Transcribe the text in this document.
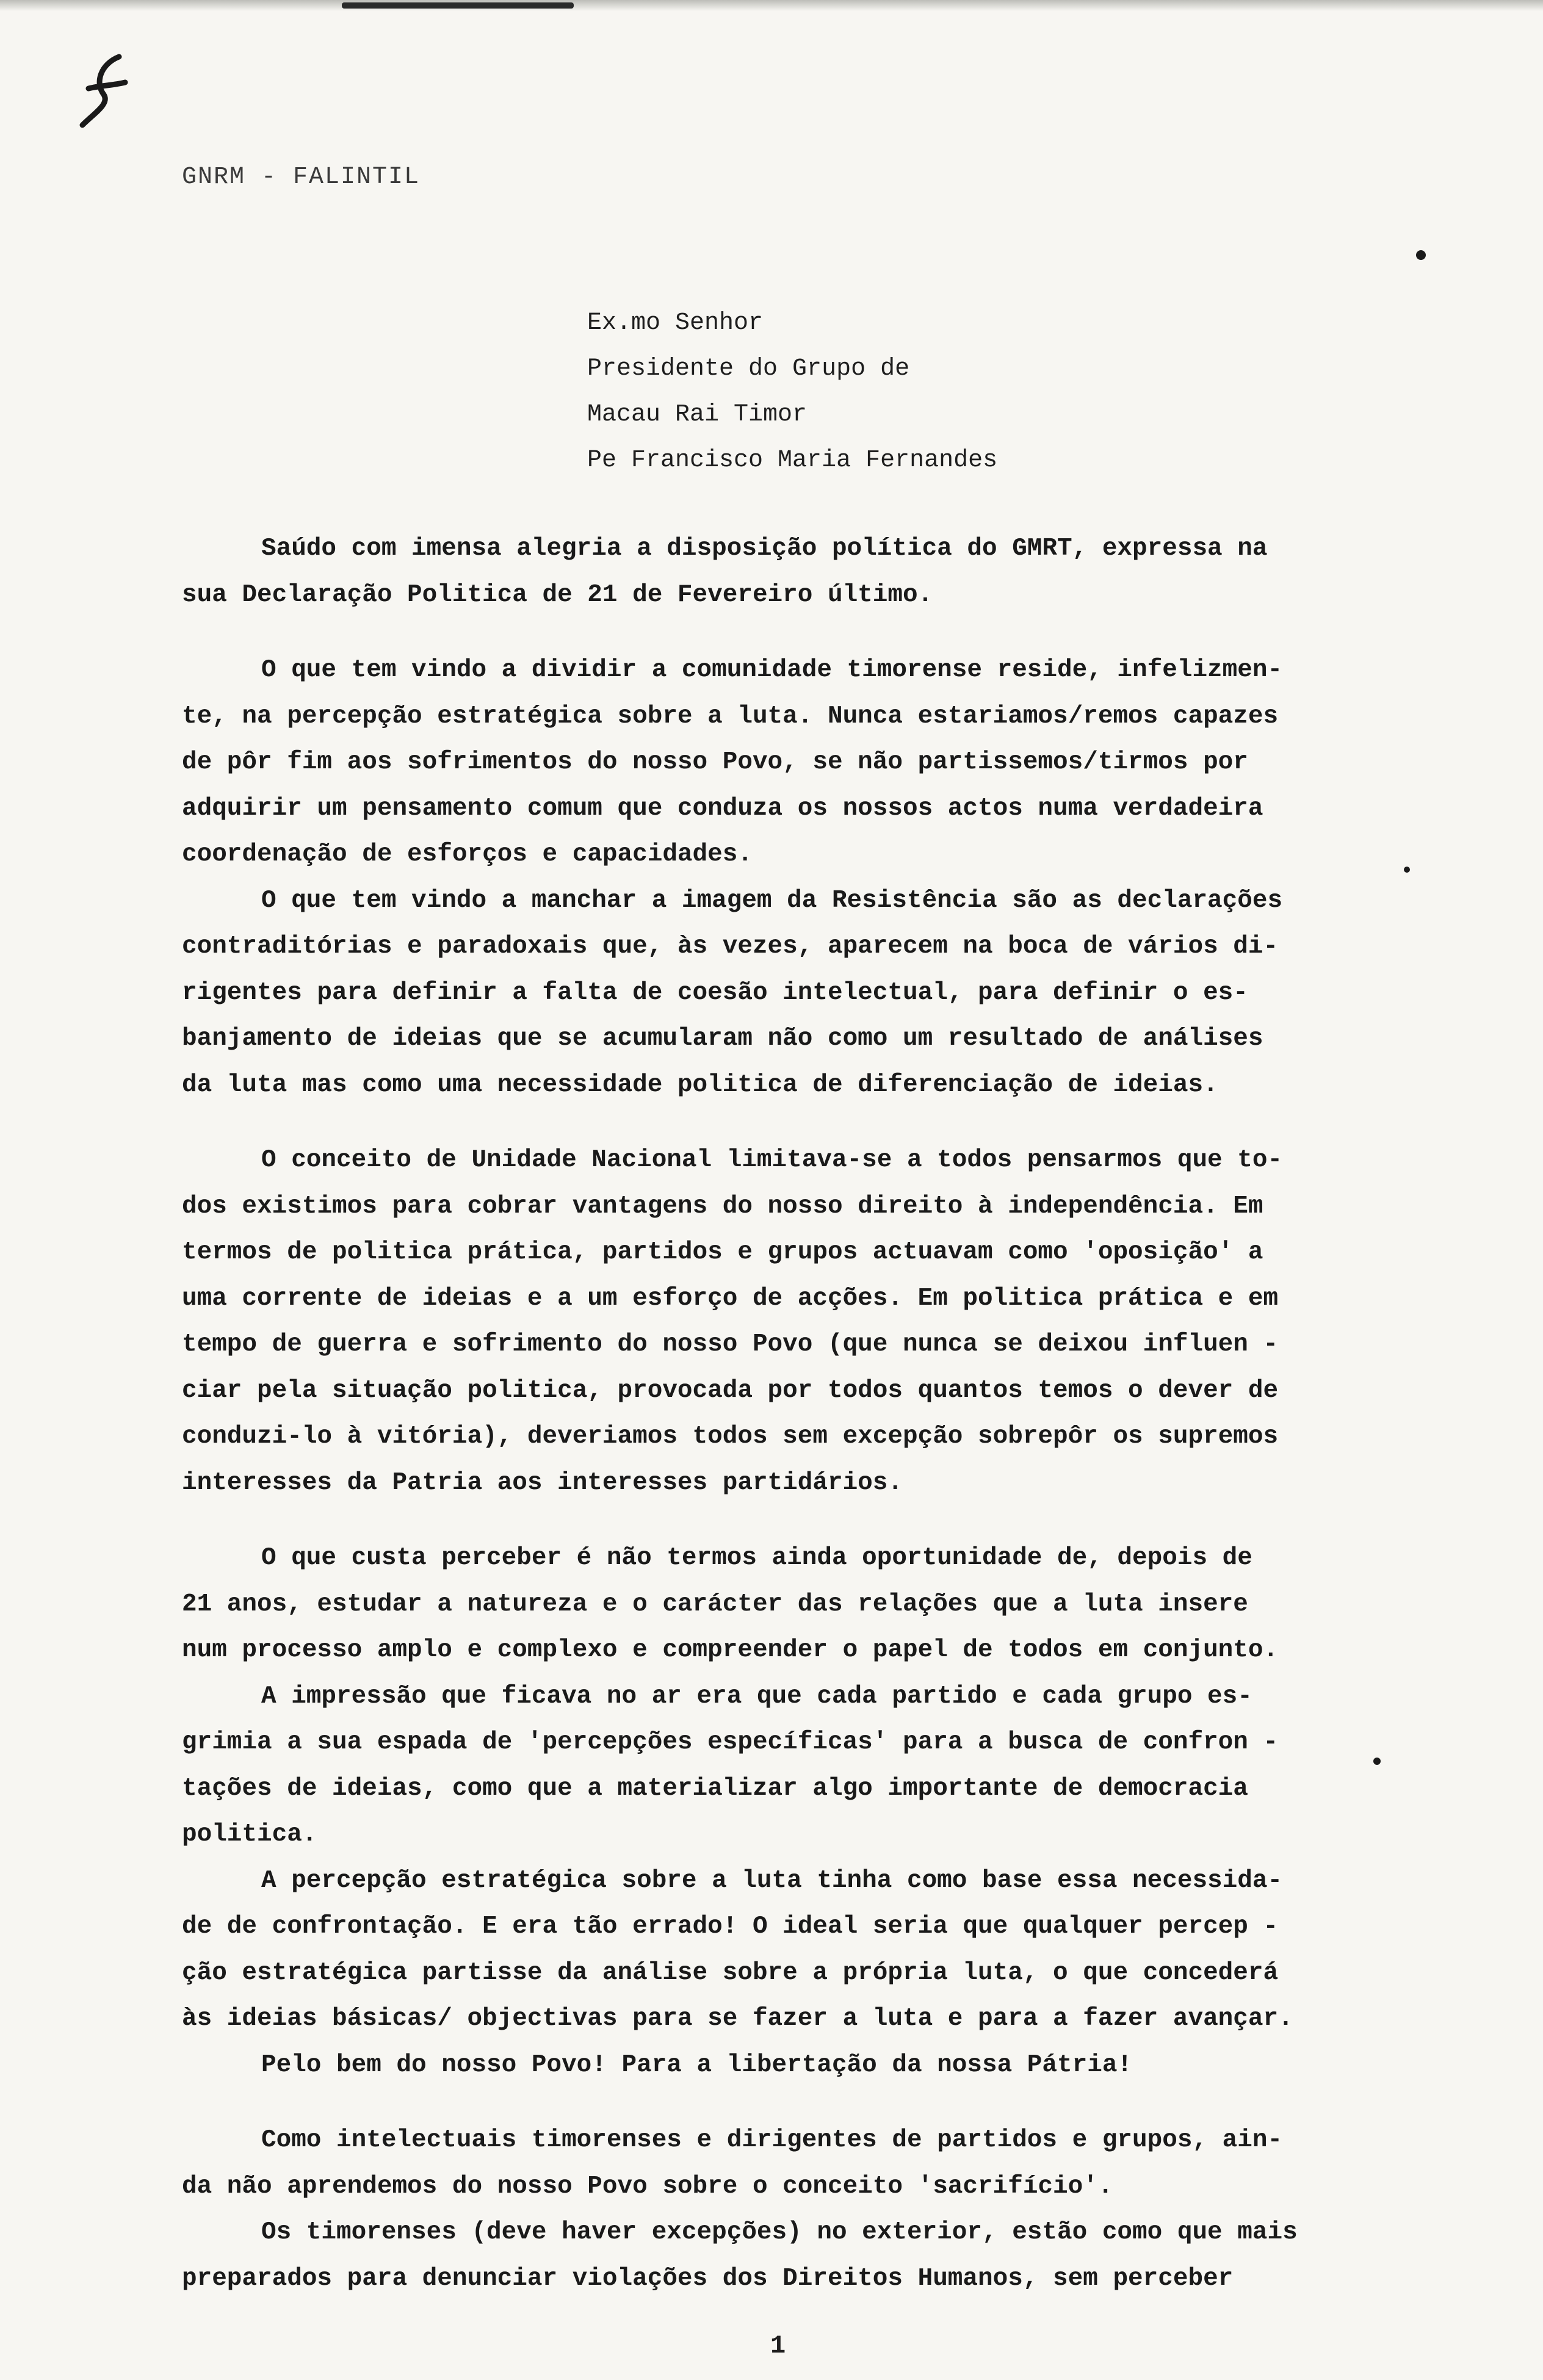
GNRM - FALINTIL
Ex.mo Senhor
Presidente do Grupo de
Macau Rai Timor
Pe Francisco Maria Fernandes
Saúdo com imensa alegria a disposição política do GMRT, expressa na
sua Declaração Politica de 21 de Fevereiro último.
O que tem vindo a dividir a comunidade timorense reside, infelizmen-
te, na percepção estratégica sobre a luta. Nunca estariamos/remos capazes
de pôr fim aos sofrimentos do nosso Povo, se não partissemos/tirmos por
adquirir um pensamento comum que conduza os nossos actos numa verdadeira
coordenação de esforços e capacidades.
O que tem vindo a manchar a imagem da Resistência são as declarações
contraditórias e paradoxais que, às vezes, aparecem na boca de vários di-
rigentes para definir a falta de coesão intelectual, para definir o es-
banjamento de ideias que se acumularam não como um resultado de análises
da luta mas como uma necessidade politica de diferenciação de ideias.
O conceito de Unidade Nacional limitava-se a todos pensarmos que to-
dos existimos para cobrar vantagens do nosso direito à independência. Em
termos de politica prática, partidos e grupos actuavam como 'oposição' a
uma corrente de ideias e a um esforço de acções. Em politica prática e em
tempo de guerra e sofrimento do nosso Povo (que nunca se deixou influen -
ciar pela situação politica, provocada por todos quantos temos o dever de
conduzi-lo à vitória), deveriamos todos sem excepção sobrepôr os supremos
interesses da Patria aos interesses partidários.
O que custa perceber é não termos ainda oportunidade de, depois de
21 anos, estudar a natureza e o carácter das relações que a luta insere
num processo amplo e complexo e compreender o papel de todos em conjunto.
A impressão que ficava no ar era que cada partido e cada grupo es-
grimia a sua espada de 'percepções específicas' para a busca de confron -
tações de ideias, como que a materializar algo importante de democracia
politica.
A percepção estratégica sobre a luta tinha como base essa necessida-
de de confrontação. E era tão errado! O ideal seria que qualquer percep -
ção estratégica partisse da análise sobre a própria luta, o que concederá
às ideias básicas/ objectivas para se fazer a luta e para a fazer avançar.
Pelo bem do nosso Povo! Para a libertação da nossa Pátria!
Como intelectuais timorenses e dirigentes de partidos e grupos, ain-
da não aprendemos do nosso Povo sobre o conceito 'sacrifício'.
Os timorenses (deve haver excepções) no exterior, estão como que mais
preparados para denunciar violações dos Direitos Humanos, sem perceber
1
